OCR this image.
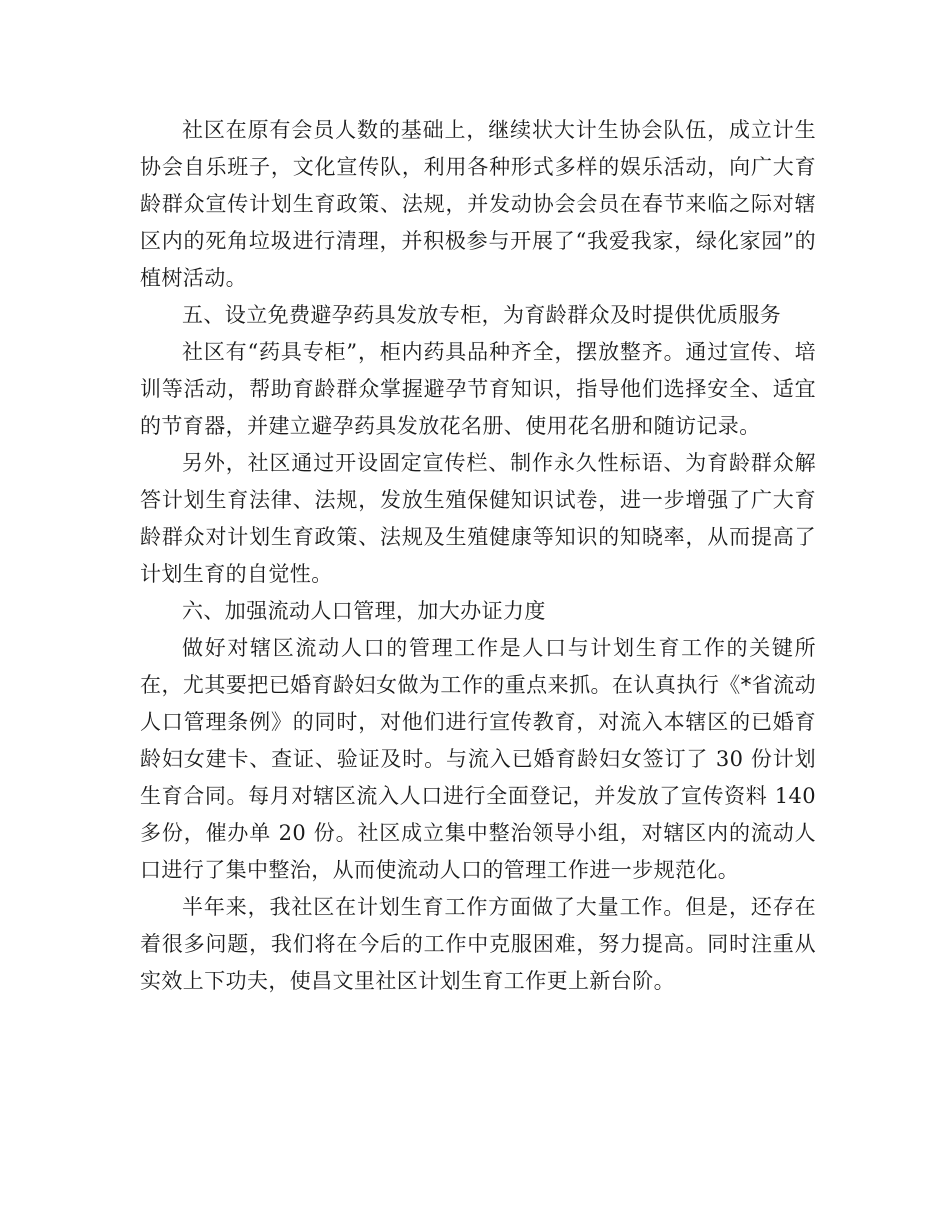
社区在原有会员人数的基础上，继续状大计生协会队伍，成立计生协会自乐班子，文化宣传队，利用各种形式多样的娱乐活动，向广大育龄群众宣传计划生育政策、法规，并发动协会会员在春节来临之际对辖区内的死角垃圾进行清理，并积极参与开展了“我爱我家，绿化家园”的植树活动。

五、设立免费避孕药具发放专柜，为育龄群众及时提供优质服务

社区有“药具专柜”，柜内药具品种齐全，摆放整齐。通过宣传、培训等活动，帮助育龄群众掌握避孕节育知识，指导他们选择安全、适宜的节育器，并建立避孕药具发放花名册、使用花名册和随访记录。

另外，社区通过开设固定宣传栏、制作永久性标语、为育龄群众解答计划生育法律、法规，发放生殖保健知识试卷，进一步增强了广大育龄群众对计划生育政策、法规及生殖健康等知识的知晓率，从而提高了计划生育的自觉性。

六、加强流动人口管理，加大办证力度

做好对辖区流动人口的管理工作是人口与计划生育工作的关键所在，尤其要把已婚育龄妇女做为工作的重点来抓。在认真执行《*省流动人口管理条例》的同时，对他们进行宣传教育，对流入本辖区的已婚育龄妇女建卡、查证、验证及时。与流入已婚育龄妇女签订了 30 份计划生育合同。每月对辖区流入人口进行全面登记，并发放了宣传资料 140 多份，催办单 20 份。社区成立集中整治领导小组，对辖区内的流动人口进行了集中整治，从而使流动人口的管理工作进一步规范化。

半年来，我社区在计划生育工作方面做了大量工作。但是，还存在着很多问题，我们将在今后的工作中克服困难，努力提高。同时注重从实效上下功夫，使昌文里社区计划生育工作更上新台阶。
